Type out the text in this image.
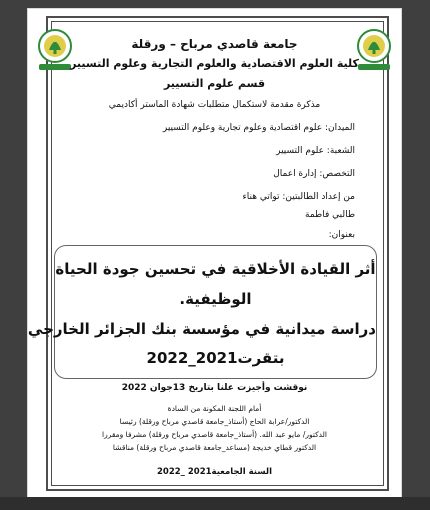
جامعة قاصدي مرباح – ورقلة
كلية العلوم الاقتصادية والعلوم التجارية وعلوم التسيير
قسم علوم التسيير
مذكرة مقدمة لاستكمال متطلبات شهادة الماستر أكاديمي
الميدان: علوم اقتصادية وعلوم تجارية وعلوم التسيير
الشعبة: علوم التسيير
التخصص: إدارة اعمال
من إعداد الطالبتين: تواتي هناء
طالبي فاطمة
بعنوان:
أثر القيادة الأخلاقية في تحسين جودة الحياة
الوظيفية.
دراسة ميدانية في مؤسسة بنك الجزائر الخارجي
بتقرت2021_2022
نوقشت وأجيزت علنا بتاريخ 13جوان 2022
أمام اللجنة المكونة من السادة
الدكتور/عرابة الحاج (أستاذ_جامعة قاصدي مرباح ورقلة) رئيسا
الدكتور/ مايو عبد الله. (أستاذ_جامعة قاصدي مرباح ورقلة) مشرفا ومقررا
الدكتور قطاي خديجة (مساعد_جامعة قاصدي مرباح ورقلة) مناقشا
السنة الجامعية2021 _2022
